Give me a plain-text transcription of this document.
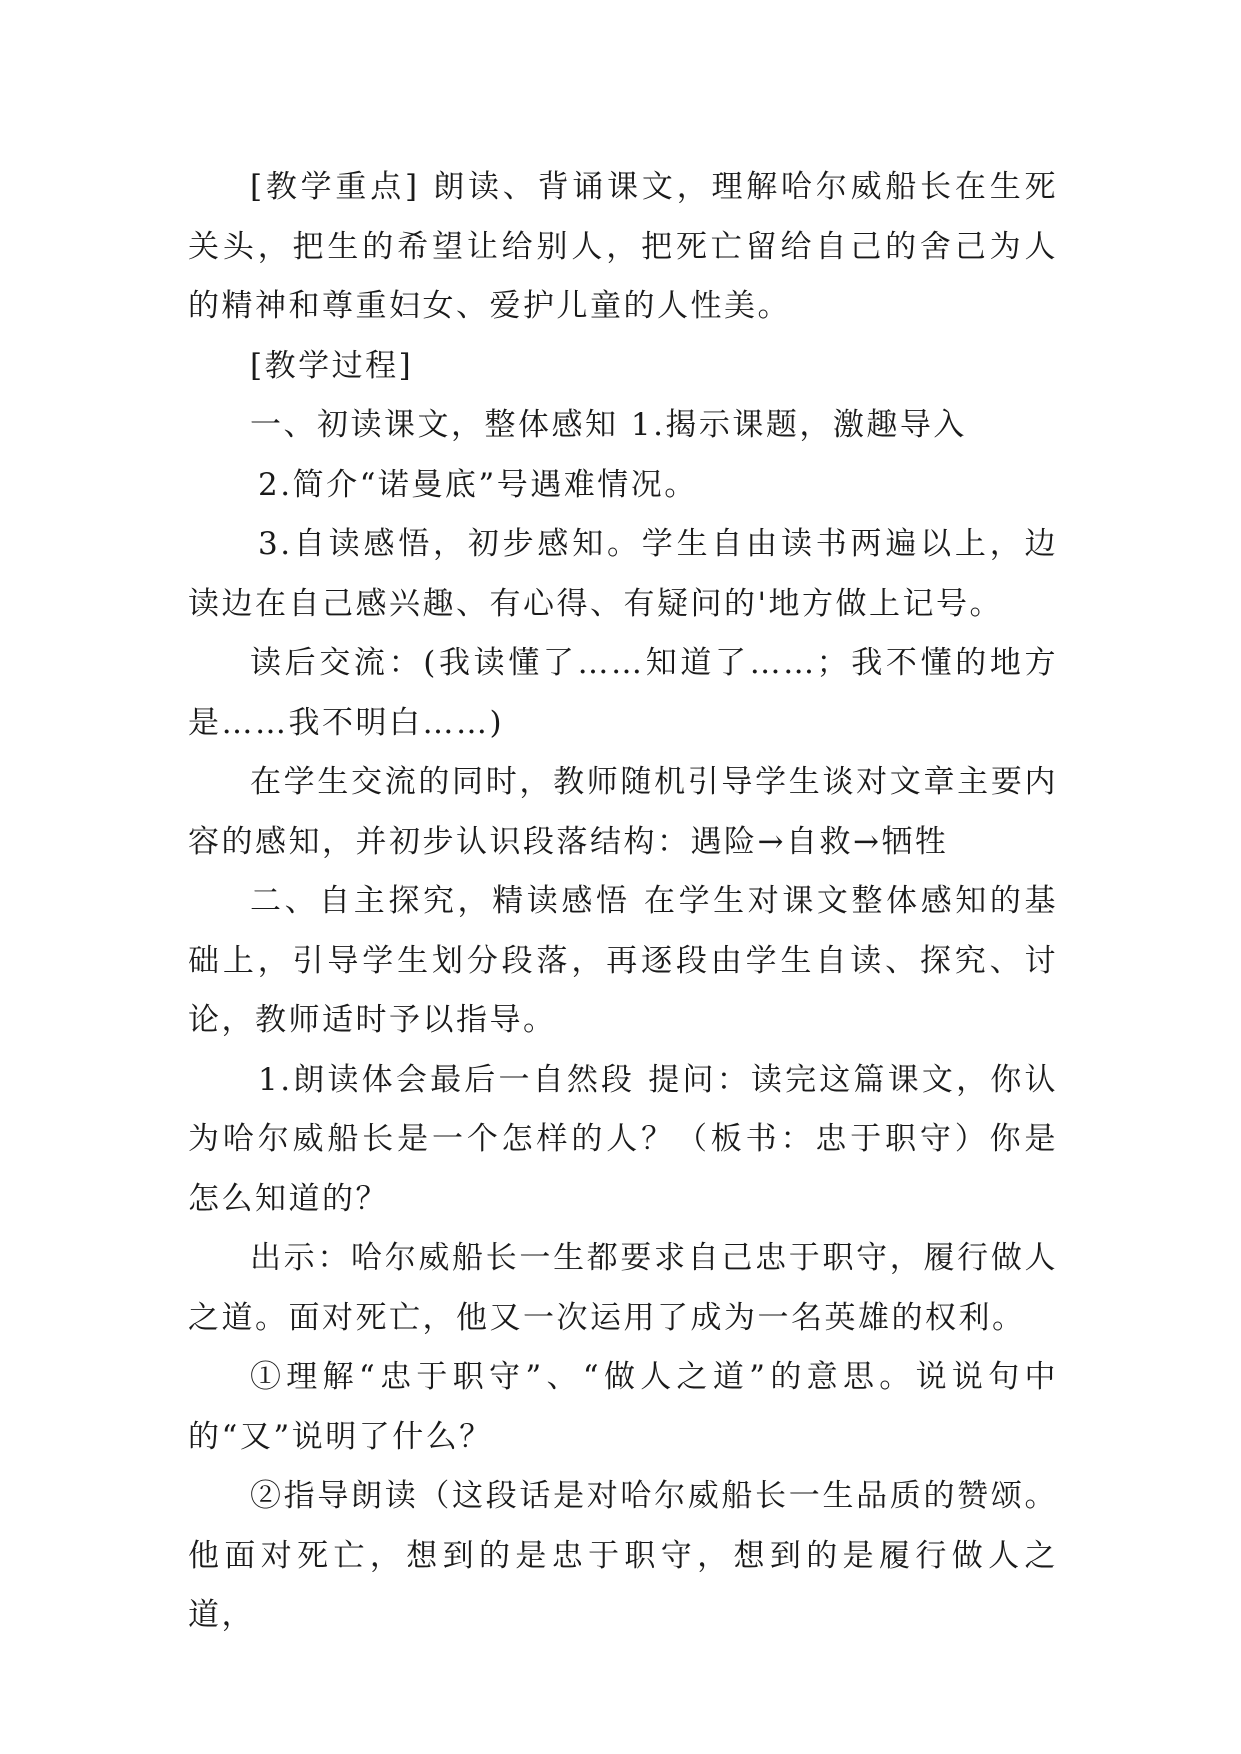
[教学重点] 朗读、背诵课文，理解哈尔威船长在生死关头，把生的希望让给别人，把死亡留给自己的舍己为人的精神和尊重妇女、爱护儿童的人性美。

[教学过程]

一、初读课文，整体感知 1.揭示课题，激趣导入

2.简介“诺曼底”号遇难情况。

3.自读感悟，初步感知。学生自由读书两遍以上，边读边在自己感兴趣、有心得、有疑问的'地方做上记号。

读后交流：(我读懂了……知道了……；我不懂的地方是……我不明白……)

在学生交流的同时，教师随机引导学生谈对文章主要内容的感知，并初步认识段落结构：遇险→自救→牺牲

二、自主探究，精读感悟 在学生对课文整体感知的基础上，引导学生划分段落，再逐段由学生自读、探究、讨论，教师适时予以指导。

1.朗读体会最后一自然段 提问：读完这篇课文，你认为哈尔威船长是一个怎样的人？（板书：忠于职守）你是怎么知道的？

出示：哈尔威船长一生都要求自己忠于职守，履行做人之道。面对死亡，他又一次运用了成为一名英雄的权利。

①理解“忠于职守”、“做人之道”的意思。说说句中的“又”说明了什么？

②指导朗读（这段话是对哈尔威船长一生品质的赞颂。他面对死亡，想到的是忠于职守，想到的是履行做人之道，
